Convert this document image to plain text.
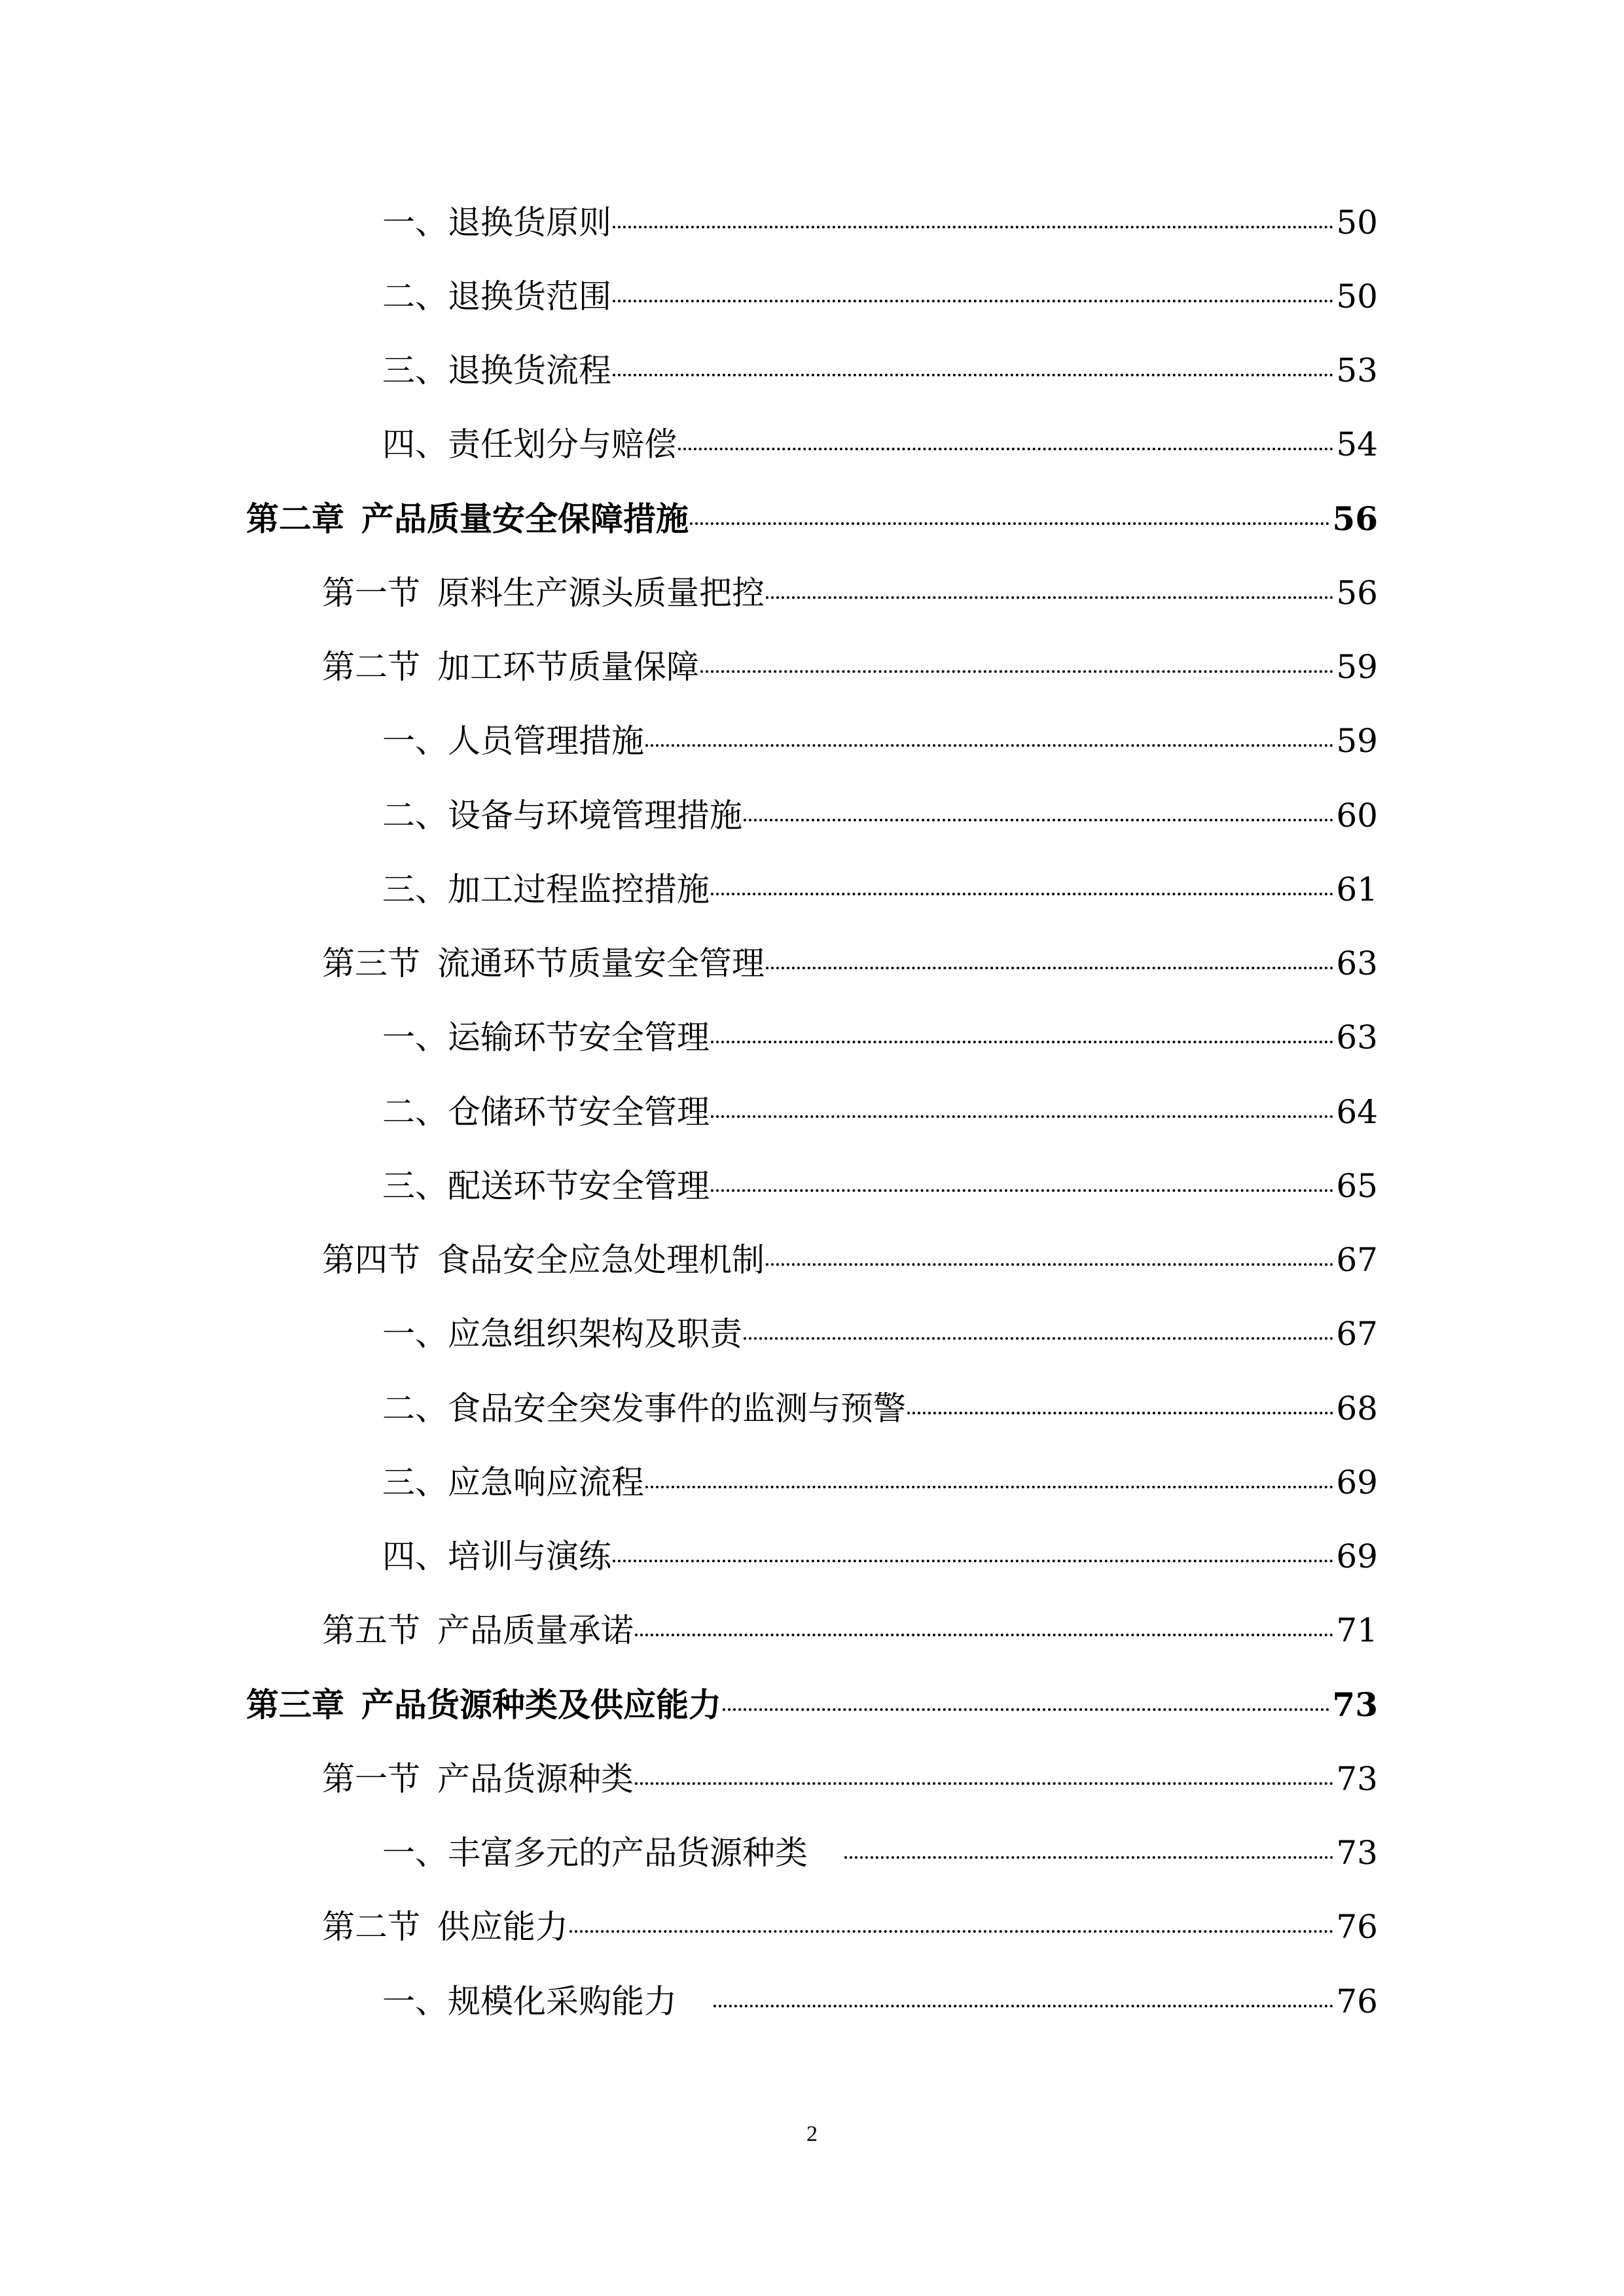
一、退换货原则	50
二、退换货范围	50
三、退换货流程	53
四、责任划分与赔偿	54
第二章 产品质量安全保障措施	56
第一节 原料生产源头质量把控	56
第二节 加工环节质量保障	59
一、人员管理措施	59
二、设备与环境管理措施	60
三、加工过程监控措施	61
第三节 流通环节质量安全管理	63
一、运输环节安全管理	63
二、仓储环节安全管理	64
三、配送环节安全管理	65
第四节 食品安全应急处理机制	67
一、应急组织架构及职责	67
二、食品安全突发事件的监测与预警	68
三、应急响应流程	69
四、培训与演练	69
第五节 产品质量承诺	71
第三章 产品货源种类及供应能力	73
第一节 产品货源种类	73
一、丰富多元的产品货源种类	73
第二节 供应能力	76
一、规模化采购能力	76
2
